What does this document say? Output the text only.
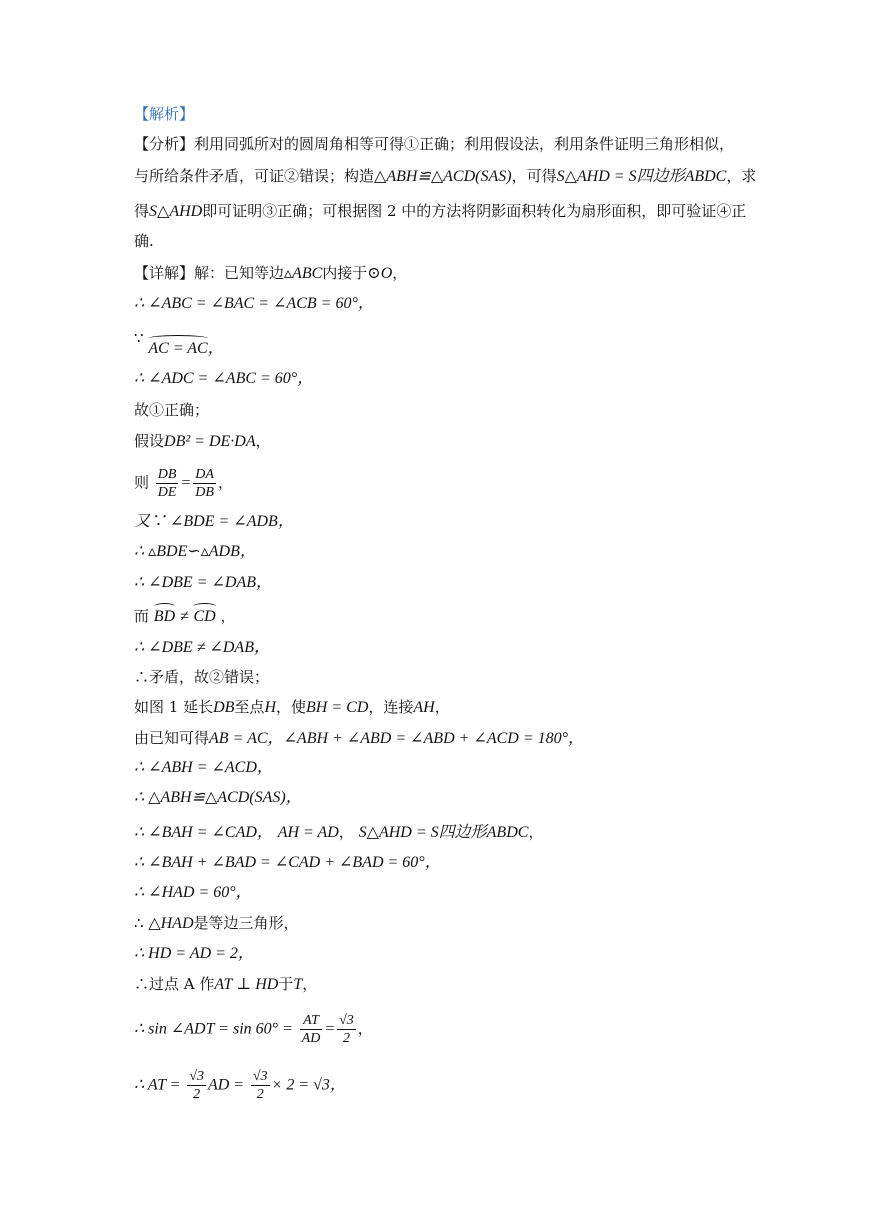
【解析】
【分析】利用同弧所对的圆周角相等可得①正确；利用假设法，利用条件证明三角形相似，
与所给条件矛盾，可证②错误；构造△ABH≌△ACD(SAS)，可得S△AHD = S四边形ABDC，求
得S△AHD即可证明③正确；可根据图 2 中的方法将阴影面积转化为扇形面积，即可验证④正
确.
【详解】解：已知等边▵ABC内接于⊙O，
∴ ∠ABC = ∠BAC = ∠ACB = 60°，
∵ AC = AC，
∴ ∠ADC = ∠ABC = 60°，
故①正确；
假设DB² = DE·DA，
则 $\frac{DB}{DE} = \frac{DA}{DB}$ ，
又∵ ∠BDE = ∠ADB，
∴ ▵BDE∽▵ADB，
∴ ∠DBE = ∠DAB，
而 BD ≠ CD ，
∴ ∠DBE ≠ ∠DAB，
∴矛盾，故②错误；
如图 1 延长DB至点H，使BH = CD，连接AH，
由已知可得AB = AC，∠ABH + ∠ABD = ∠ABD + ∠ACD = 180°，
∴ ∠ABH = ∠ACD，
∴ △ABH≌△ACD(SAS)，
∴ ∠BAH = ∠CAD， AH = AD， S△AHD = S四边形ABDC，
∴ ∠BAH + ∠BAD = ∠CAD + ∠BAD = 60°，
∴ ∠HAD = 60°，
∴ △HAD是等边三角形，
∴ HD = AD = 2，
∴过点 A 作AT ⊥ HD于T，
∴ sin ∠ADT = $\sin 60^\circ = \frac{AT}{AD} = \frac{√3}{2}$ ，
∴ AT = $\frac{√3}{2}$ AD = $\frac{√3}{2} \times 2 = √3$，
